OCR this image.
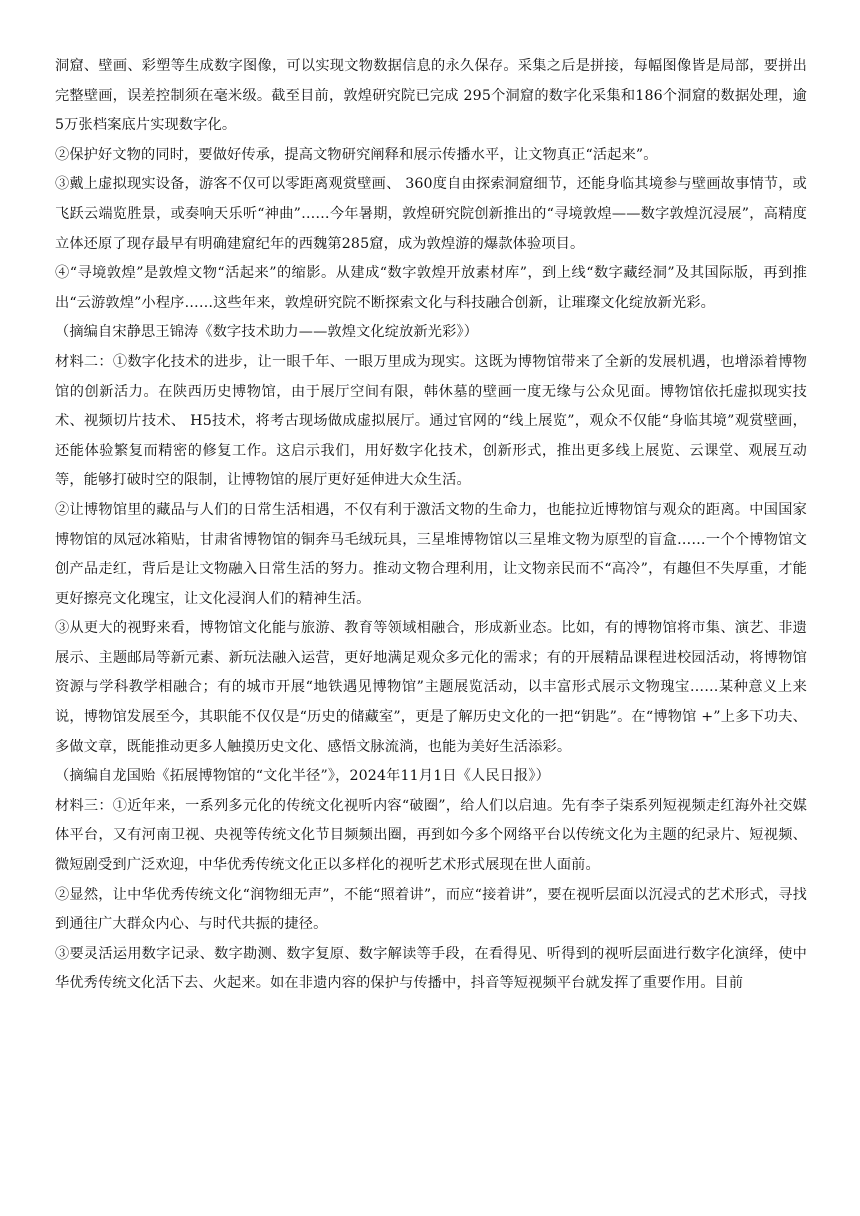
洞窟、壁画、彩塑等生成数字图像，可以实现文物数据信息的永久保存。采集之后是拼接，每幅图像皆是局部，要拼出完整壁画，误差控制须在毫米级。截至目前，敦煌研究院已完成 295个洞窟的数字化采集和186个洞窟的数据处理，逾5万张档案底片实现数字化。

②保护好文物的同时，要做好传承，提高文物研究阐释和展示传播水平，让文物真正“活起来”。

③戴上虚拟现实设备，游客不仅可以零距离观赏壁画、 360度自由探索洞窟细节，还能身临其境参与壁画故事情节，或飞跃云端览胜景，或奏响天乐听“神曲”……今年暑期，敦煌研究院创新推出的“寻境敦煌——数字敦煌沉浸展”，高精度立体还原了现存最早有明确建窟纪年的西魏第285窟，成为敦煌游的爆款体验项目。

④“寻境敦煌”是敦煌文物“活起来”的缩影。从建成“数字敦煌开放素材库”，到上线“数字藏经洞”及其国际版，再到推出“云游敦煌”小程序……这些年来，敦煌研究院不断探索文化与科技融合创新，让璀璨文化绽放新光彩。

（摘编自宋静思王锦涛《数字技术助力——敦煌文化绽放新光彩》）

材料二：①数字化技术的进步，让一眼千年、一眼万里成为现实。这既为博物馆带来了全新的发展机遇，也增添着博物馆的创新活力。在陕西历史博物馆，由于展厅空间有限，韩休墓的壁画一度无缘与公众见面。博物馆依托虚拟现实技术、视频切片技术、 H5技术，将考古现场做成虚拟展厅。通过官网的“线上展览”，观众不仅能“身临其境”观赏壁画，还能体验繁复而精密的修复工作。这启示我们，用好数字化技术，创新形式，推出更多线上展览、云课堂、观展互动等，能够打破时空的限制，让博物馆的展厅更好延伸进大众生活。

②让博物馆里的藏品与人们的日常生活相遇，不仅有利于激活文物的生命力，也能拉近博物馆与观众的距离。中国国家博物馆的凤冠冰箱贴，甘肃省博物馆的铜奔马毛绒玩具，三星堆博物馆以三星堆文物为原型的盲盒……一个个博物馆文创产品走红，背后是让文物融入日常生活的努力。推动文物合理利用，让文物亲民而不“高冷”，有趣但不失厚重，才能更好擦亮文化瑰宝，让文化浸润人们的精神生活。

③从更大的视野来看，博物馆文化能与旅游、教育等领域相融合，形成新业态。比如，有的博物馆将市集、演艺、非遗展示、主题邮局等新元素、新玩法融入运营，更好地满足观众多元化的需求；有的开展精品课程进校园活动，将博物馆资源与学科教学相融合；有的城市开展“地铁遇见博物馆”主题展览活动，以丰富形式展示文物瑰宝……某种意义上来说，博物馆发展至今，其职能不仅仅是“历史的储藏室”，更是了解历史文化的一把“钥匙”。在“博物馆 +”上多下功夫、多做文章，既能推动更多人触摸历史文化、感悟文脉流淌，也能为美好生活添彩。

（摘编自龙国贻《拓展博物馆的“文化半径”》，2024年11月1日《人民日报》）

材料三：①近年来，一系列多元化的传统文化视听内容“破圈”，给人们以启迪。先有李子柒系列短视频走红海外社交媒体平台，又有河南卫视、央视等传统文化节目频频出圈，再到如今多个网络平台以传统文化为主题的纪录片、短视频、微短剧受到广泛欢迎，中华优秀传统文化正以多样化的视听艺术形式展现在世人面前。

②显然，让中华优秀传统文化“润物细无声”，不能“照着讲”，而应“接着讲”，要在视听层面以沉浸式的艺术形式，寻找到通往广大群众内心、与时代共振的捷径。

③要灵活运用数字记录、数字勘测、数字复原、数字解读等手段，在看得见、听得到的视听层面进行数字化演绎，使中华优秀传统文化活下去、火起来。如在非遗内容的保护与传播中，抖音等短视频平台就发挥了重要作用。目前
